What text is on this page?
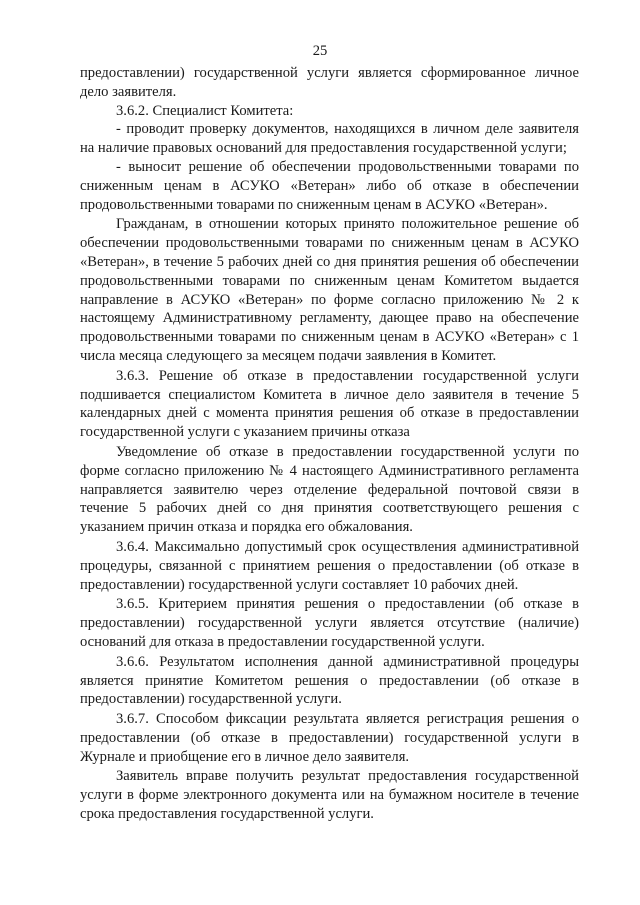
25

предоставлении) государственной услуги является сформированное личное дело заявителя.

3.6.2. Специалист Комитета:

- проводит проверку документов, находящихся в личном деле заявителя на наличие правовых оснований для предоставления государственной услуги;

- выносит решение об обеспечении продовольственными товарами по сниженным ценам в АСУКО «Ветеран» либо об отказе в обеспечении продовольственными товарами по сниженным ценам в АСУКО «Ветеран».

Гражданам, в отношении которых принято положительное решение об обеспечении продовольственными товарами по сниженным ценам в АСУКО «Ветеран», в течение 5 рабочих дней со дня принятия решения об обеспечении продовольственными товарами по сниженным ценам Комитетом выдается направление в АСУКО «Ветеран» по форме согласно приложению № 2 к настоящему Административному регламенту, дающее право на обеспечение продовольственными товарами по сниженным ценам в АСУКО «Ветеран» с 1 числа месяца следующего за месяцем подачи заявления в Комитет.

3.6.3. Решение об отказе в предоставлении государственной услуги подшивается специалистом Комитета в личное дело заявителя в течение 5 календарных дней с момента принятия решения об отказе в предоставлении государственной услуги с указанием причины отказа

Уведомление об отказе в предоставлении государственной услуги по форме согласно приложению № 4 настоящего Административного регламента направляется заявителю через отделение федеральной почтовой связи в течение 5 рабочих дней со дня принятия соответствующего решения с указанием причин отказа и порядка его обжалования.

3.6.4. Максимально допустимый срок осуществления административной процедуры, связанной с принятием решения о предоставлении (об отказе в предоставлении) государственной услуги составляет 10 рабочих дней.

3.6.5. Критерием принятия решения о предоставлении (об отказе в предоставлении) государственной услуги является отсутствие (наличие) оснований для отказа в предоставлении государственной услуги.

3.6.6. Результатом исполнения данной административной процедуры является принятие Комитетом решения о предоставлении (об отказе в предоставлении) государственной услуги.

3.6.7. Способом фиксации результата является регистрация решения о предоставлении (об отказе в предоставлении) государственной услуги в Журнале и приобщение его в личное дело заявителя.

Заявитель вправе получить результат предоставления государственной услуги в форме электронного документа или на бумажном носителе в течение срока предоставления государственной услуги.
